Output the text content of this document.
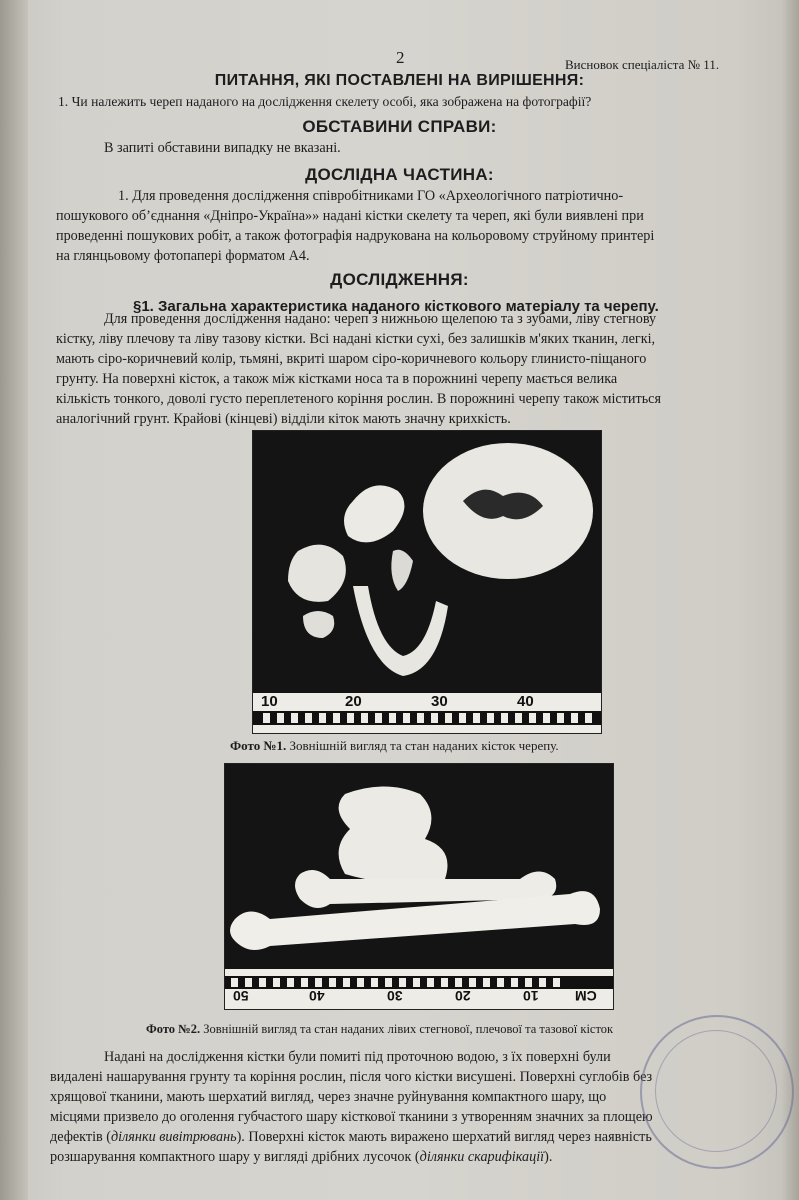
2	Висновок спеціаліста № 11.
ПИТАННЯ, ЯКІ ПОСТАВЛЕНІ НА ВИРІШЕННЯ:
1. Чи належить череп наданого на дослідження скелету особі, яка зображена на фотографії?
ОБСТАВИНИ СПРАВИ:
В запиті обставини випадку не вказані.
ДОСЛІДНА ЧАСТИНА:
1. Для проведення дослідження співробітниками ГО «Археологічного патріотично-
пошукового об’єднання «Дніпро-Україна»» надані кістки скелету та череп, які були виявлені при
проведенні пошукових робіт, а також фотографія надрукована на кольоровому струйному принтері
на глянцьовому фотопапері форматом А4.
ДОСЛІДЖЕННЯ:
§1. Загальна характеристика наданого кісткового матеріалу та черепу.
Для проведення дослідження надано: череп з нижньою щелепою та з зубами, ліву стегнову
кістку, ліву плечову та ліву тазову кістки. Всі надані кістки сухі, без залишків м'яких тканин, легкі,
мають сіро-коричневий колір, тьмяні, вкриті шаром сіро-коричневого кольору глинисто-піщаного
грунту. На поверхні кісток, а також між кістками носа та в порожнині черепу мається велика
кількість тонкого, доволі густо переплетеного коріння рослин. В порожнині черепу також міститься
аналогічний грунт. Крайові (кінцеві) відділи кіток мають значну крихкість.
10	20	30	40
Фото №1. Зовнішній вигляд та стан наданих кісток черепу.
50	40	30	20	10	CM
Фото №2. Зовнішній вигляд та стан наданих лівих стегнової, плечової та тазової кісток
Надані на дослідження кістки були помиті під проточною водою, з їх поверхні були
видалені нашарування грунту та коріння рослин, після чого кістки висушені. Поверхні суглобів без
хрящової тканини, мають шерхатий вигляд, через значне руйнування компактного шару, що
місцями призвело до оголення губчастого шару кісткової тканини з утворенням значних за площею
дефектів (ділянки вивітрювань). Поверхні кісток мають виражено шерхатий вигляд через наявність
розшарування компактного шару у вигляді дрібних лусочок (ділянки скарифікації).
